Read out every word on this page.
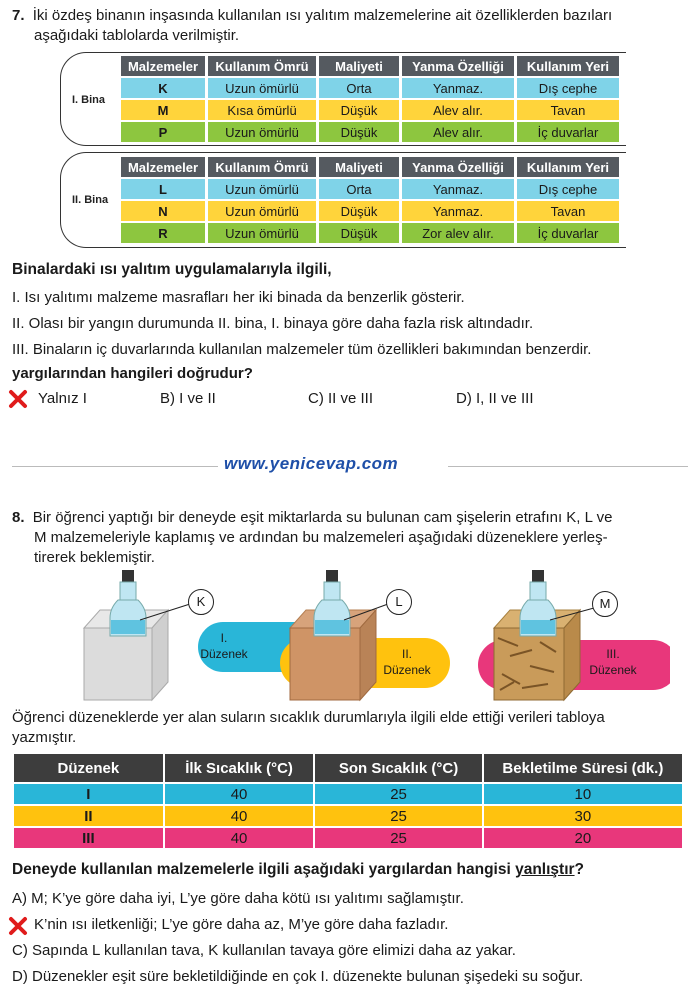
7. İki özdeş binanın inşasında kullanılan ısı yalıtım malzemelerine ait özelliklerden bazıları
aşağıdaki tablolarda verilmiştir.
I. Bina
Malzemeler	Kullanım Ömrü	Maliyeti	Yanma Özelliği	Kullanım Yeri
K	Uzun ömürlü	Orta	Yanmaz.	Dış cephe
M	Kısa ömürlü	Düşük	Alev alır.	Tavan
P	Uzun ömürlü	Düşük	Alev alır.	İç duvarlar
II. Bina
Malzemeler	Kullanım Ömrü	Maliyeti	Yanma Özelliği	Kullanım Yeri
L	Uzun ömürlü	Orta	Yanmaz.	Dış cephe
N	Uzun ömürlü	Düşük	Yanmaz.	Tavan
R	Uzun ömürlü	Düşük	Zor alev alır.	İç duvarlar
Binalardaki ısı yalıtım uygulamalarıyla ilgili,
I. Isı yalıtımı malzeme masrafları her iki binada da benzerlik gösterir.
II. Olası bir yangın durumunda II. bina, I. binaya göre daha fazla risk altındadır.
III. Binaların iç duvarlarında kullanılan malzemeler tüm özellikleri bakımından benzerdir.
yargılarından hangileri doğrudur?
Yalnız I	B) I ve II	C) II ve III	D) I, II ve III
www.yenicevap.com
8. Bir öğrenci yaptığı bir deneyde eşit miktarlarda su bulunan cam şişelerin etrafını K, L ve
M malzemeleriyle kaplamış ve ardından bu malzemeleri aşağıdaki düzeneklere yerleş-
tirerek beklemiştir.
I.
Düzenek	II.
Düzenek
III.
Düzenek
K	L	M
Öğrenci düzeneklerde yer alan suların sıcaklık durumlarıyla ilgili elde ettiği verileri tabloya
yazmıştır.
Düzenek	İlk Sıcaklık (°C)	Son Sıcaklık (°C)	Bekletilme Süresi (dk.)
I	40	25	10
II	40	25	30
III	40	25	20
Deneyde kullanılan malzemelerle ilgili aşağıdaki yargılardan hangisi yanlıştır?
A) M; K’ye göre daha iyi, L’ye göre daha kötü ısı yalıtımı sağlamıştır.
K’nin ısı iletkenliği; L’ye göre daha az, M’ye göre daha fazladır.
C) Sapında L kullanılan tava, K kullanılan tavaya göre elimizi daha az yakar.
D) Düzenekler eşit süre bekletildiğinde en çok I. düzenekte bulunan şişedeki su soğur.
